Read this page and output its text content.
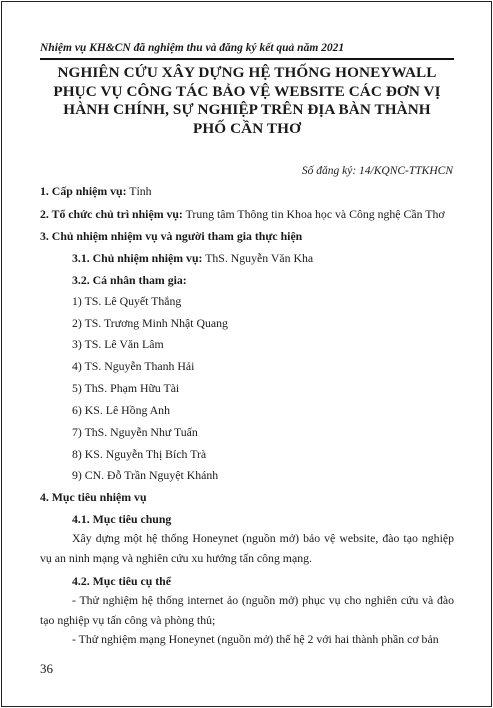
Nhiệm vụ KH&CN đã nghiệm thu và đăng ký kết quả năm 2021
NGHIÊN CỨU XÂY DỰNG HỆ THỐNG HONEYWALL
PHỤC VỤ CÔNG TÁC BẢO VỆ WEBSITE CÁC ĐƠN VỊ
HÀNH CHÍNH, SỰ NGHIỆP TRÊN ĐỊA BÀN THÀNH
PHỐ CẦN THƠ
Số đăng ký: 14/KQNC-TTKHCN
1. Cấp nhiệm vụ: Tỉnh
2. Tổ chức chủ trì nhiệm vụ: Trung tâm Thông tin Khoa học và Công nghệ Cần Thơ
3. Chủ nhiệm nhiệm vụ và người tham gia thực hiện
3.1. Chủ nhiệm nhiệm vụ: ThS. Nguyễn Văn Kha
3.2. Cá nhân tham gia:
1) TS. Lê Quyết Thắng
2) TS. Trương Minh Nhật Quang
3) TS. Lê Văn Lâm
4) TS. Nguyễn Thanh Hải
5) ThS. Phạm Hữu Tài
6) KS. Lê Hồng Anh
7) ThS. Nguyễn Như Tuấn
8) KS. Nguyễn Thị Bích Trà
9) CN. Đỗ Trần Nguyệt Khánh
4. Mục tiêu nhiệm vụ
4.1. Mục tiêu chung
Xây dựng một hệ thống Honeynet (nguồn mở) bảo vệ website, đào tạo nghiệp vụ an ninh mạng và nghiên cứu xu hướng tấn công mạng.
4.2. Mục tiêu cụ thể
- Thử nghiệm hệ thống internet ảo (nguồn mở) phục vụ cho nghiên cứu và đào tạo nghiệp vụ tấn công và phòng thủ;
- Thử nghiệm mạng Honeynet (nguồn mở) thế hệ 2 với hai thành phần cơ bản
36
